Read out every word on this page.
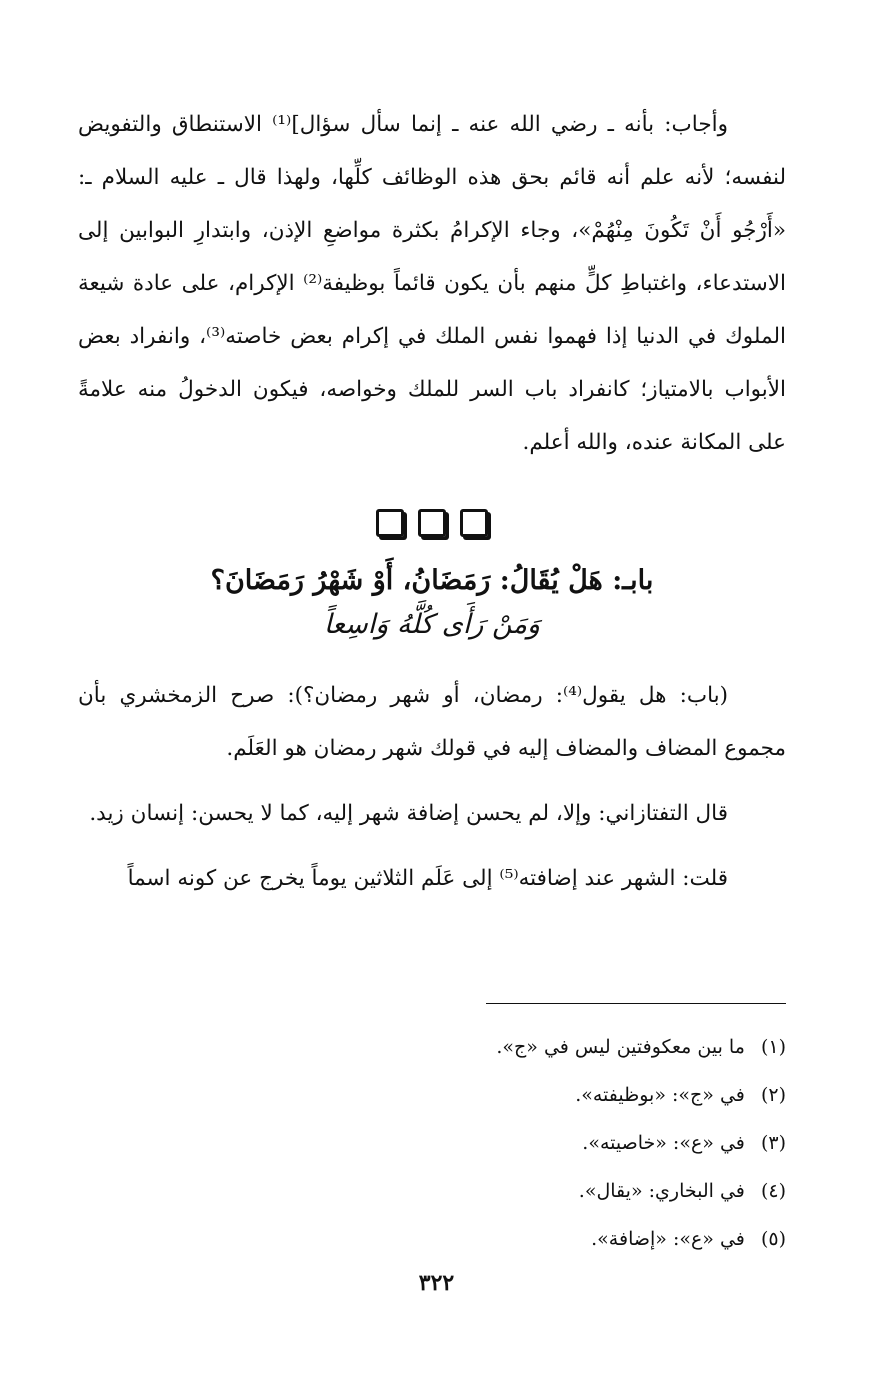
وأجاب: بأنه ـ رضي الله عنه ـ إنما سأل سؤال]⁽¹⁾ الاستنطاق والتفويض لنفسه؛ لأنه علم أنه قائم بحق هذه الوظائف كلِّها، ولهذا قال ـ عليه السلام ـ: «أَرْجُو أَنْ تَكُونَ مِنْهُمْ»، وجاء الإكرامُ بكثرة مواضعِ الإذن، وابتدارِ البوابين إلى الاستدعاء، واغتباطِ كلٍّ منهم بأن يكون قائماً بوظيفة⁽²⁾ الإكرام، على عادة شيعة الملوك في الدنيا إذا فهموا نفس الملك في إكرام بعض خاصته⁽³⁾، وانفراد بعض الأبواب بالامتياز؛ كانفراد باب السر للملك وخواصه، فيكون الدخولُ منه علامةً على المكانة عنده، والله أعلم.

بابـ: هَلْ يُقَالُ: رَمَضَانُ، أَوْ شَهْرُ رَمَضَانَ؟
وَمَنْ رَأَى كُلَّهُ وَاسِعاً

(باب: هل يقول⁽⁴⁾: رمضان، أو شهر رمضان؟): صرح الزمخشري بأن مجموع المضاف والمضاف إليه في قولك شهر رمضان هو العَلَم.

قال التفتازاني: وإلا، لم يحسن إضافة شهر إليه، كما لا يحسن: إنسان زيد.

قلت: الشهر عند إضافته⁽⁵⁾ إلى عَلَم الثلاثين يوماً يخرج عن كونه اسماً

(١) ما بين معكوفتين ليس في «ج».
(٢) في «ج»: «بوظيفته».
(٣) في «ع»: «خاصيته».
(٤) في البخاري: «يقال».
(٥) في «ع»: «إضافة».
٣٢٢
